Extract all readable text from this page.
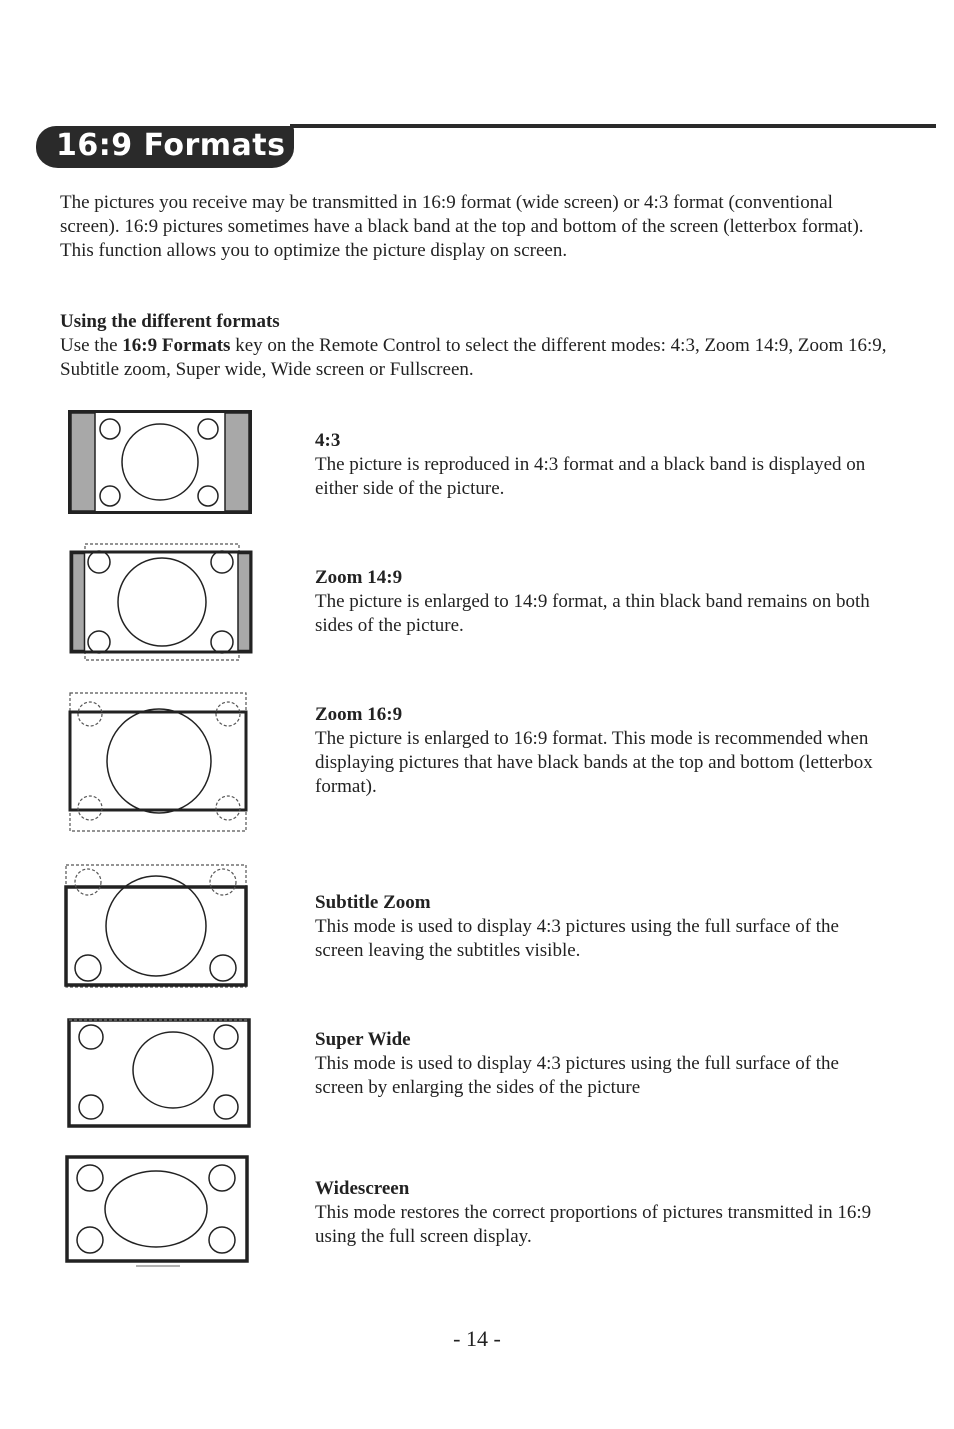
16:9 Formats
The pictures you receive may be transmitted in 16:9 format (wide screen) or 4:3 format (conventional screen). 16:9 pictures sometimes have a black band at the top and bottom of the screen (letterbox format). This function allows you to optimize the picture display on screen.
Using the different formats
Use the 16:9 Formats key on the Remote Control to select the different modes: 4:3, Zoom 14:9, Zoom 16:9, Subtitle zoom, Super wide, Wide screen or Fullscreen.
4:3
The picture is reproduced in 4:3 format and a black band is displayed on either side of the picture.
Zoom 14:9
The picture is enlarged to 14:9 format, a thin black band remains on both sides of the picture.
Zoom 16:9
The picture is enlarged to 16:9 format. This mode is recommended when displaying pictures that have black bands at the top and bottom (letterbox format).
Subtitle Zoom
This mode is used to display 4:3 pictures using the full surface of the screen leaving the subtitles visible.
Super Wide
This mode is used to display 4:3 pictures using the full surface of the screen by enlarging the sides of the picture
Widescreen
This mode restores the correct proportions of pictures transmitted in 16:9 using the full screen display.
- 14 -
